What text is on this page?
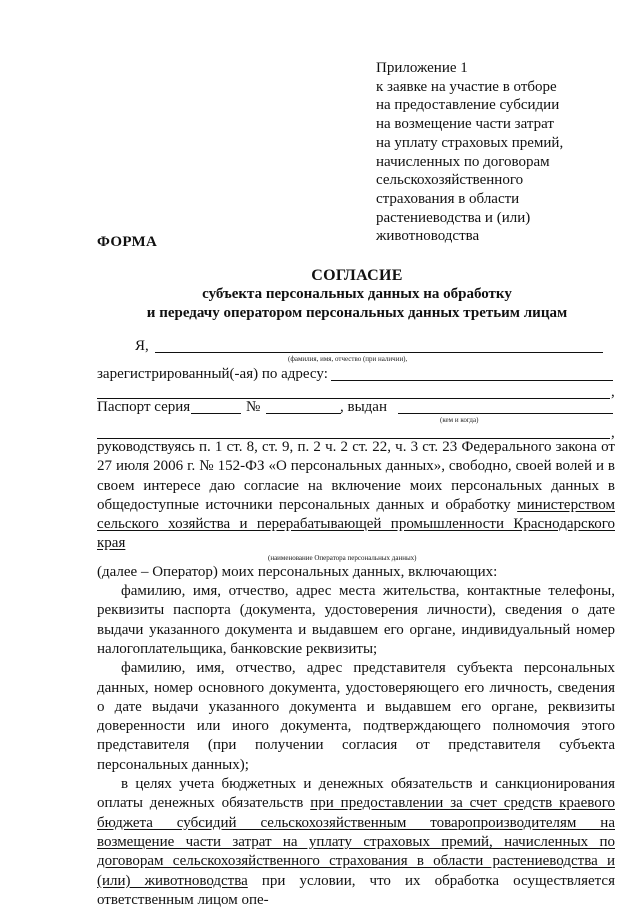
Приложение 1
к заявке на участие в отборе
на предоставление субсидии
на возмещение части затрат
на уплату страховых премий,
начисленных по договорам
сельскохозяйственного
страхования в области
растениеводства и (или)
животноводства
ФОРМА
СОГЛАСИЕ
субъекта персональных данных на обработку
и передачу оператором персональных данных третьим лицам
Я,
(фамилия, имя, отчество (при наличии),
зарегистрированный(-ая) по адресу:
,
Паспорт серия	№	, выдан
(кем и когда)
,

руководствуясь п. 1 ст. 8, ст. 9, п. 2 ч. 2 ст. 22, ч. 3 ст. 23 Федерального закона от 27 июля 2006 г. № 152-ФЗ «О персональных данных», свободно, своей волей и в своем интересе даю согласие на включение моих персональных данных в общедоступные источники персональных данных и обработку министерством сельского хозяйства и перерабатывающей промышленности Краснодарского края

(наименование Оператора персональных данных)

(далее – Оператор) моих персональных данных, включающих:

фамилию, имя, отчество, адрес места жительства, контактные телефоны, реквизиты паспорта (документа, удостоверения личности), сведения о дате выдачи указанного документа и выдавшем его органе, индивидуальный номер налогоплательщика, банковские реквизиты;

фамилию, имя, отчество, адрес представителя субъекта персональных данных, номер основного документа, удостоверяющего его личность, сведения о дате выдачи указанного документа и выдавшем его органе, реквизиты доверенности или иного документа, подтверждающего полномочия этого представителя (при получении согласия от представителя субъекта персональных данных);

в целях учета бюджетных и денежных обязательств и санкционирования оплаты денежных обязательств при предоставлении за счет средств краевого бюджета субсидий сельскохозяйственным товаропроизводителям на возмещение части затрат на уплату страховых премий, начисленных по договорам сельскохозяйственного страхования в области растениеводства и (или) животноводства при условии, что их обработка осуществляется ответственным лицом опе-
